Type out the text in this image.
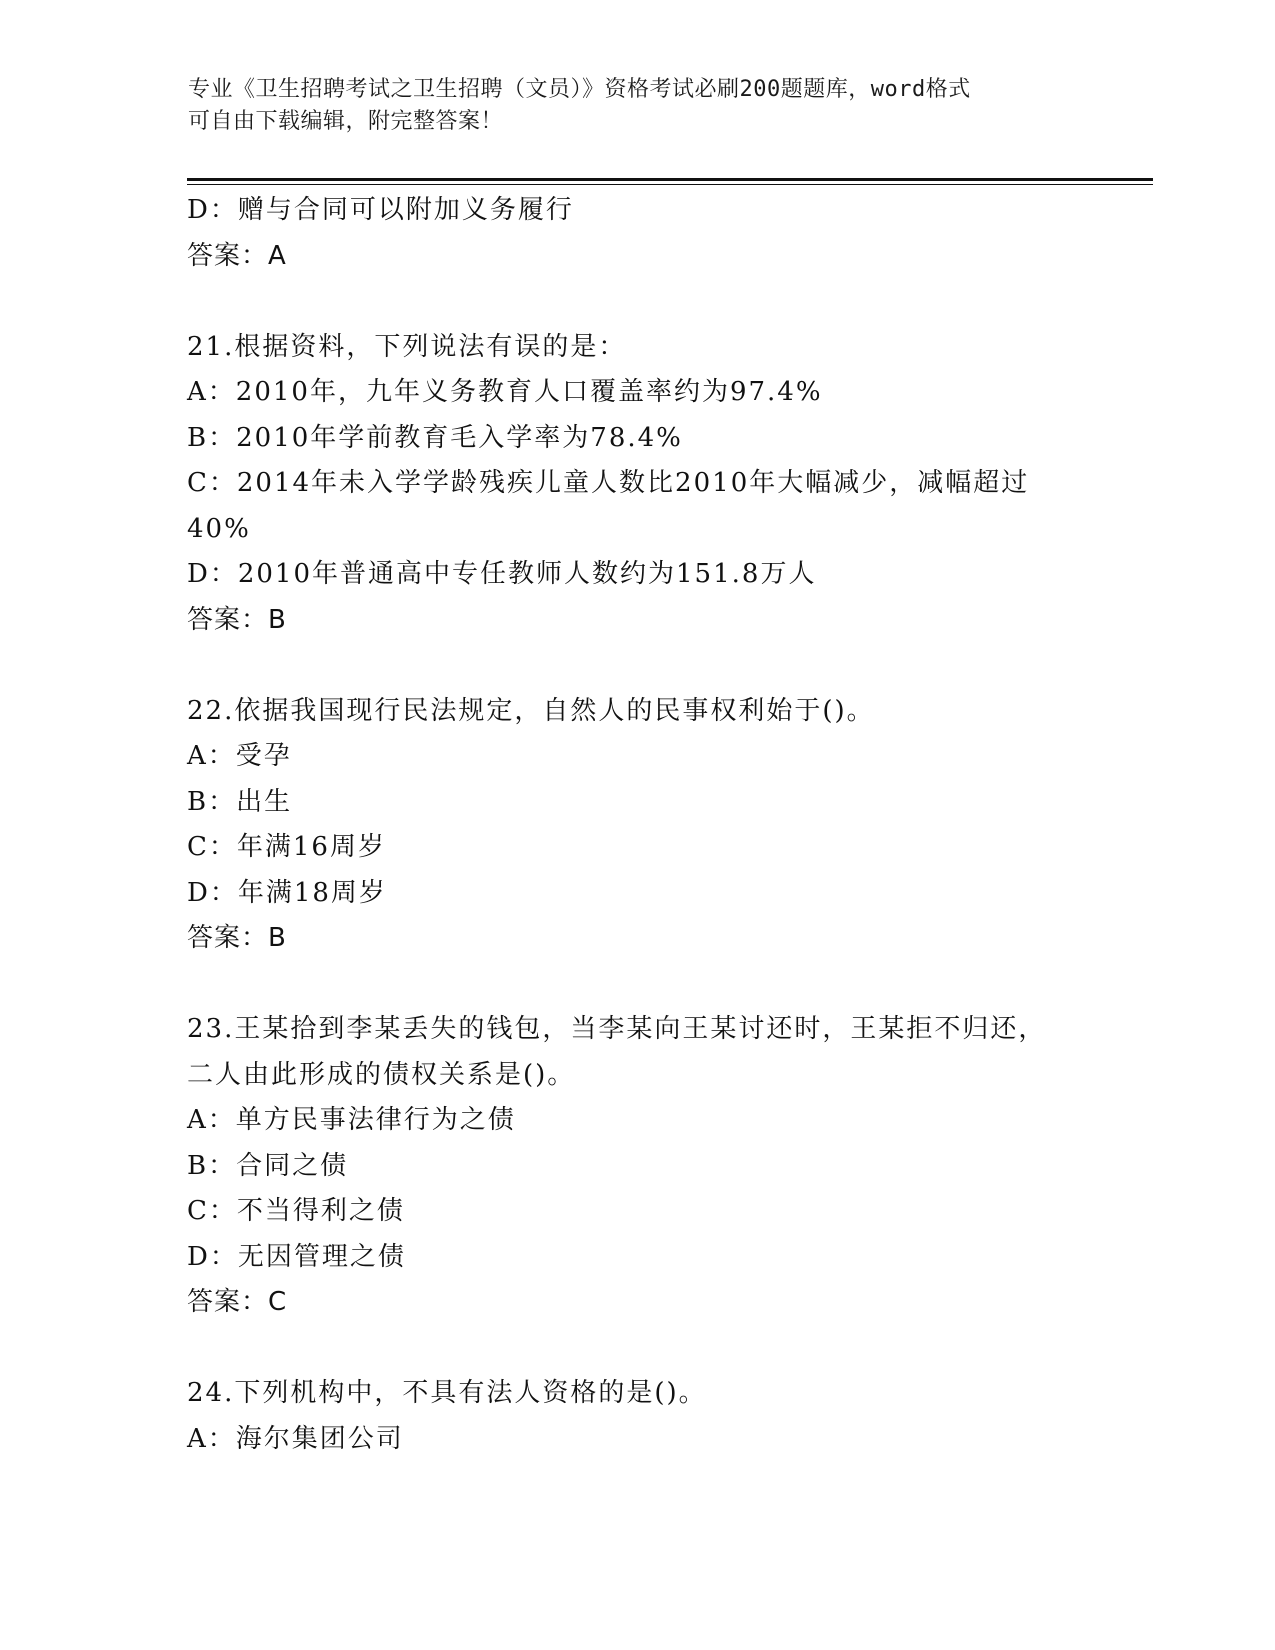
专业《卫生招聘考试之卫生招聘（文员）》资格考试必刷200题题库，word格式
可自由下载编辑，附完整答案！
D：赠与合同可以附加义务履行
答案：A
21.根据资料，下列说法有误的是：
A：2010年，九年义务教育人口覆盖率约为97.4%
B：2010年学前教育毛入学率为78.4%
C：2014年未入学学龄残疾儿童人数比2010年大幅减少，减幅超过
40%
D：2010年普通高中专任教师人数约为151.8万人
答案：B
22.依据我国现行民法规定，自然人的民事权利始于()。
A：受孕
B：出生
C：年满16周岁
D：年满18周岁
答案：B
23.王某拾到李某丢失的钱包，当李某向王某讨还时，王某拒不归还，
二人由此形成的债权关系是()。
A：单方民事法律行为之债
B：合同之债
C：不当得利之债
D：无因管理之债
答案：C
24.下列机构中，不具有法人资格的是()。
A：海尔集团公司
